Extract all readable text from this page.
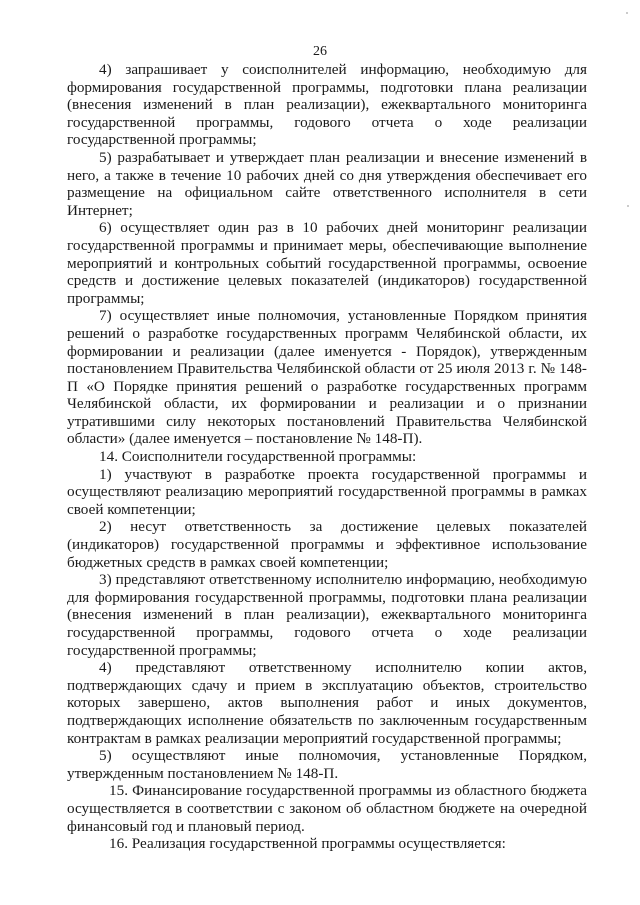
26

4) запрашивает у соисполнителей информацию, необходимую для формирования государственной программы, подготовки плана реализации (внесения изменений в план реализации), ежеквартального мониторинга государственной программы, годового отчета о ходе реализации государственной программы;

5) разрабатывает и утверждает план реализации и внесение изменений в него, а также в течение 10 рабочих дней со дня утверждения обеспечивает его размещение на официальном сайте ответственного исполнителя в сети Интернет;

6) осуществляет один раз в 10 рабочих дней мониторинг реализации государственной программы и принимает меры, обеспечивающие выполнение мероприятий и контрольных событий государственной программы, освоение средств и достижение целевых показателей (индикаторов) государственной программы;

7) осуществляет иные полномочия, установленные Порядком принятия решений о разработке государственных программ Челябинской области, их формировании и реализации (далее именуется - Порядок), утвержденным постановлением Правительства Челябинской области от 25 июля 2013 г. № 148-П «О Порядке принятия решений о разработке государственных программ Челябинской области, их формировании и реализации и о признании утратившими силу некоторых постановлений Правительства Челябинской области» (далее именуется – постановление № 148-П).

14. Соисполнители государственной программы:

1) участвуют в разработке проекта государственной программы и осуществляют реализацию мероприятий государственной программы в рамках своей компетенции;

2) несут ответственность за достижение целевых показателей (индикаторов) государственной программы и эффективное использование бюджетных средств в рамках своей компетенции;

3) представляют ответственному исполнителю информацию, необходимую для формирования государственной программы, подготовки плана реализации (внесения изменений в план реализации), ежеквартального мониторинга государственной программы, годового отчета о ходе реализации государственной программы;

4) представляют ответственному исполнителю копии актов, подтверждающих сдачу и прием в эксплуатацию объектов, строительство которых завершено, актов выполнения работ и иных документов, подтверждающих исполнение обязательств по заключенным государственным контрактам в рамках реализации мероприятий государственной программы;

5) осуществляют иные полномочия, установленные Порядком, утвержденным постановлением № 148-П.

15. Финансирование государственной программы из областного бюджета осуществляется в соответствии с законом об областном бюджете на очередной финансовый год и плановый период.

16. Реализация государственной программы осуществляется:
